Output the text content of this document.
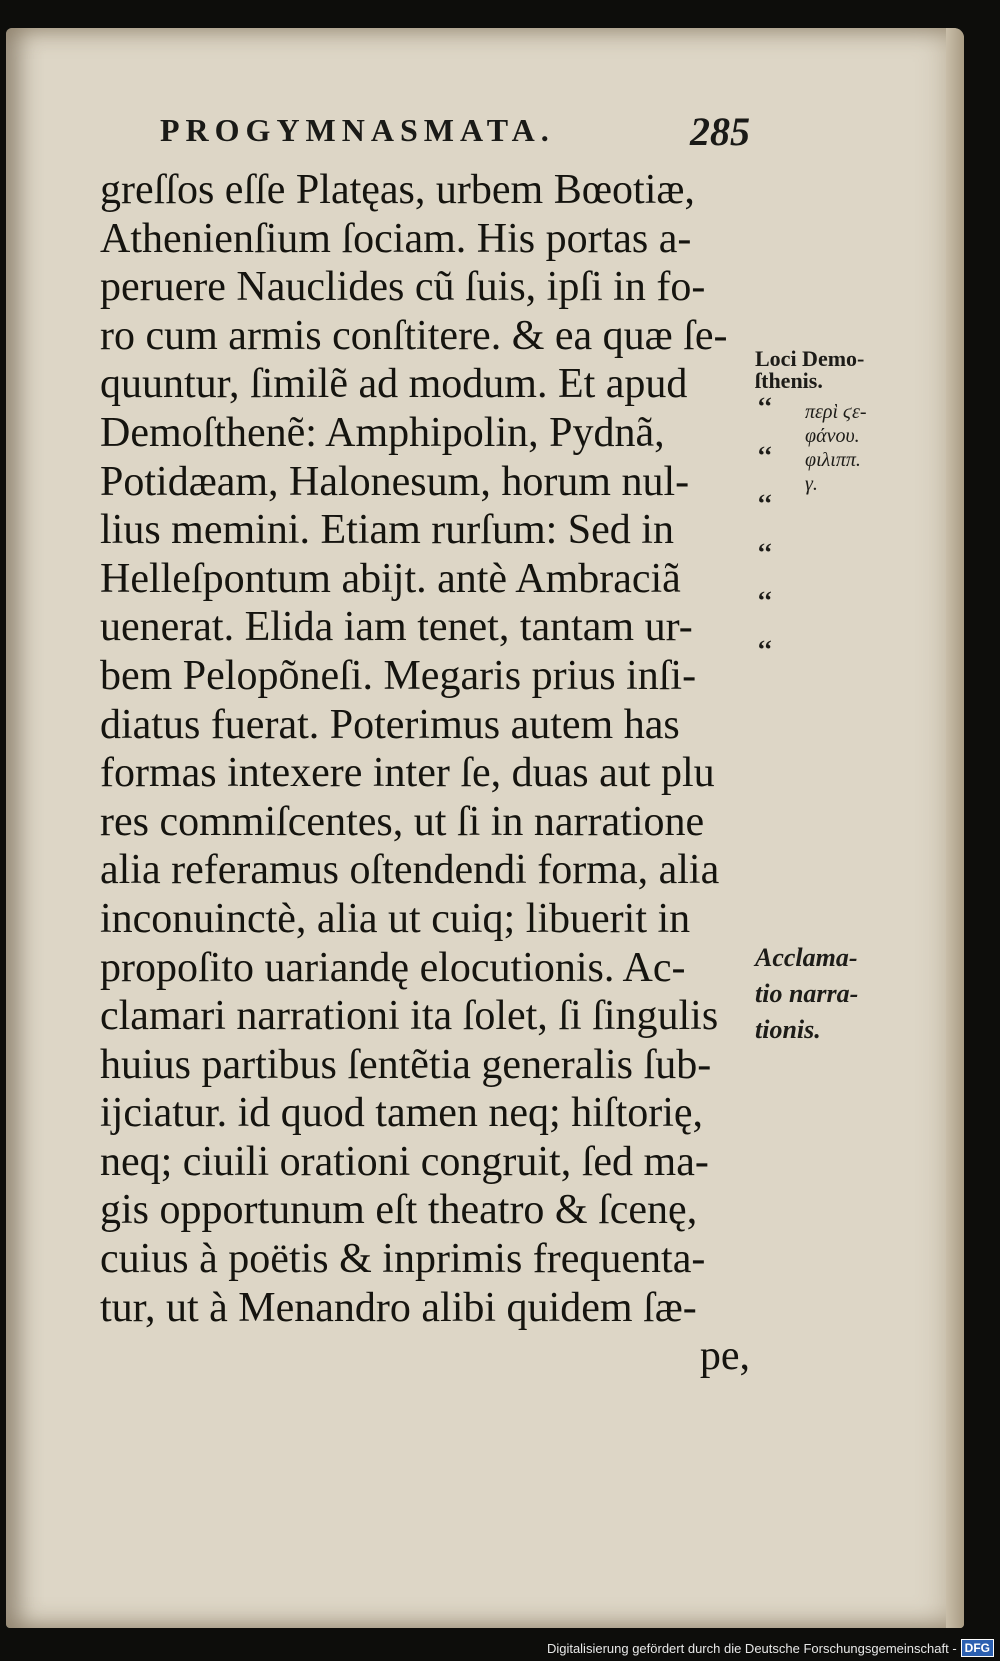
PROGYMNASMATA.	285
greſſos eſſe Platęas, urbem Bœotiæ,
Athenienſium ſociam. His portas a-
peruere Nauclides cũ ſuis, ipſi in fo-
ro cum armis conſtitere. & ea quæ ſe-
quuntur, ſimilẽ ad modum. Et apud
Demoſthenẽ: Amphipolin, Pydnã,
Potidæam, Halonesum, horum nul-
lius memini. Etiam rurſum: Sed in
Helleſpontum abijt. antè Ambraciã
uenerat. Elida iam tenet, tantam ur-
bem Pelopõneſi. Megaris prius inſi-
diatus fuerat. Poterimus autem has
formas intexere inter ſe, duas aut plu
res commiſcentes, ut ſi in narratione
alia referamus oſtendendi forma, alia
inconuinctè, alia ut cuiq; libuerit in
propoſito uariandę elocutionis. Ac-
clamari narrationi ita ſolet, ſi ſingulis
huius partibus ſentẽtia generalis ſub-
ijciatur. id quod tamen neq; hiſtorię,
neq; ciuili orationi congruit, ſed ma-
gis opportunum eſt theatro & ſcenę,
cuius à poëtis & inprimis frequenta-
tur, ut à Menandro alibi quidem ſæ-
pe,
Loci Demo-
ſthenis.
‘‘
‘‘
‘‘
‘‘
‘‘
‘‘
περὶ ϛε-
φάνου.
φιλιππ.
γ.
Acclama-
tio narra-
tionis.
Digitalisierung gefördert durch die Deutsche Forschungsgemeinschaft - DFG
